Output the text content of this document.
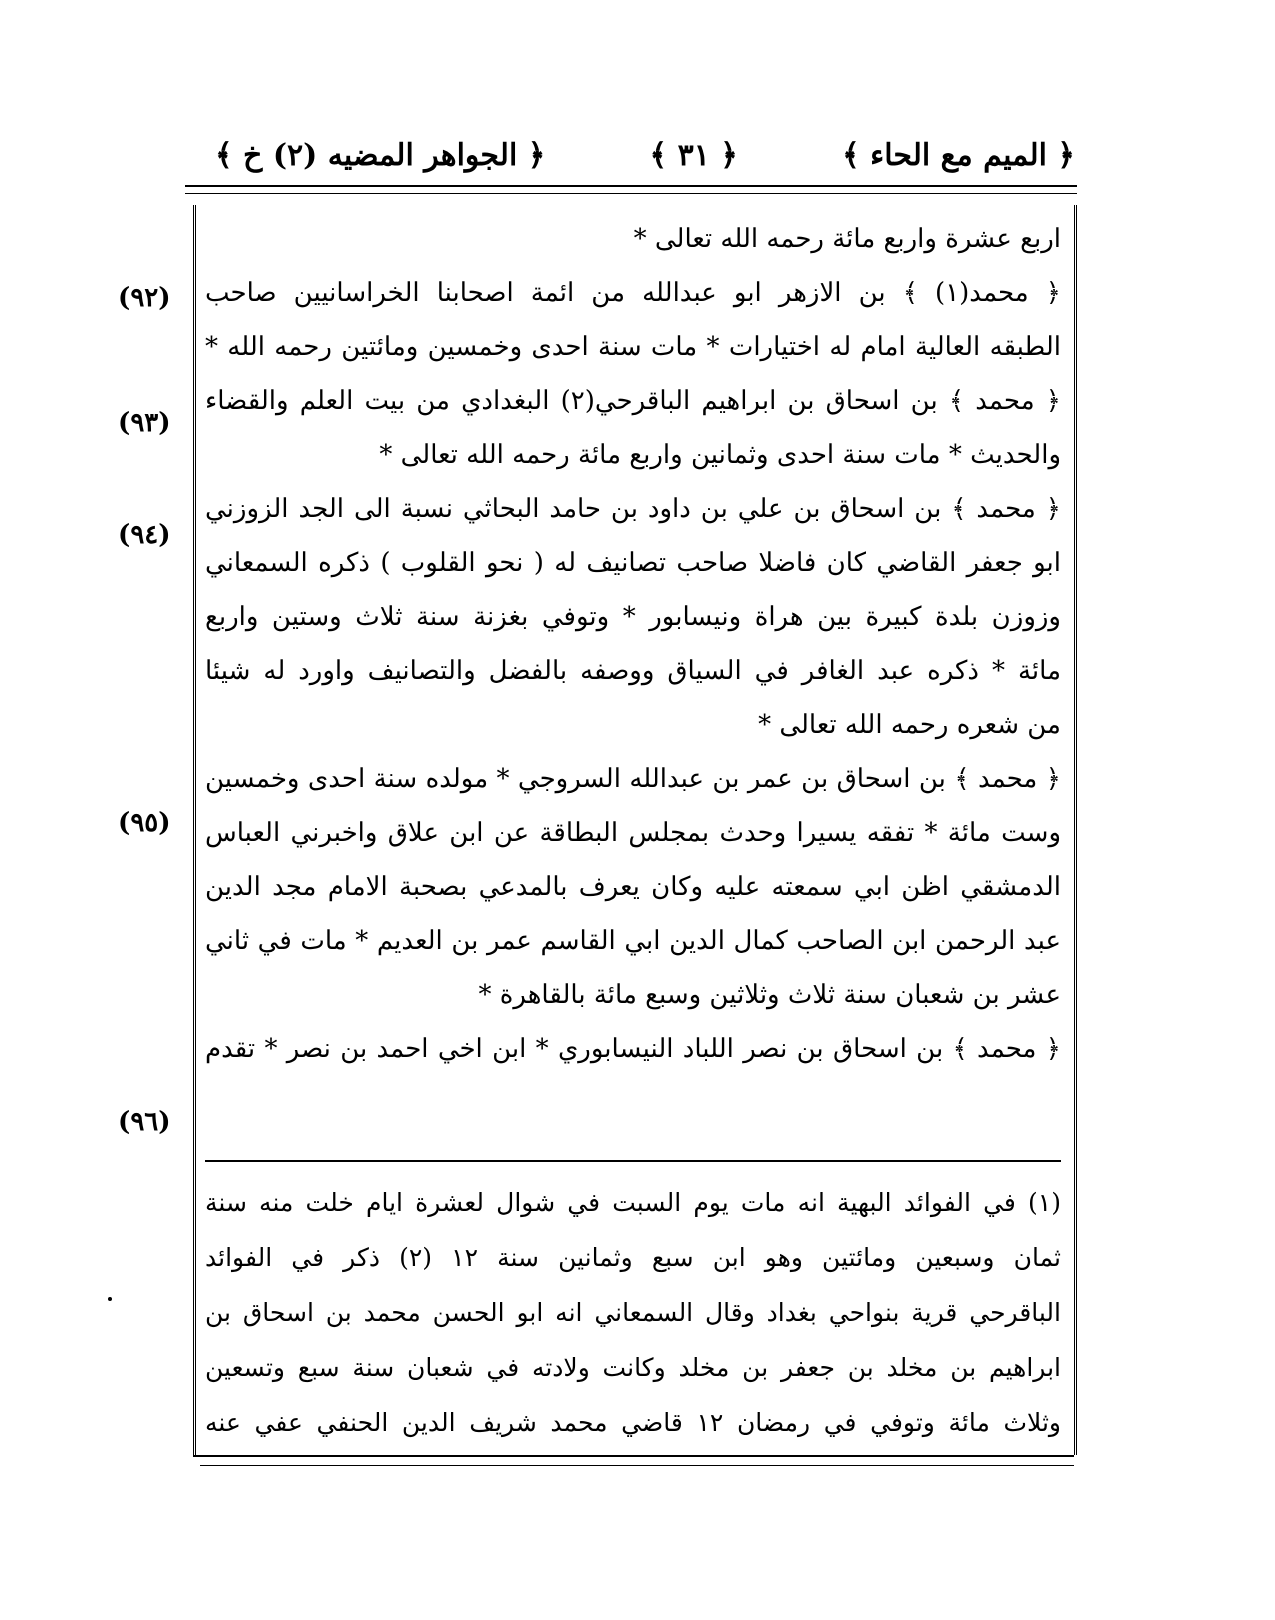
﴿ الميم مع الحاء ﴾
﴿ ٣١ ﴾
﴿ الجواهر المضيه (٢) خ ﴾
اربع عشرة واربع مائة رحمه الله تعالى *
﴿ محمد(١) ﴾ بن الازهر ابو عبدالله من ائمة اصحابنا الخراسانيين صاحب
الطبقه العالية امام له اختيارات * مات سنة احدى وخمسين ومائتين رحمه الله *
﴿ محمد ﴾ بن اسحاق بن ابراهيم الباقرحي(٢) البغدادي من بيت العلم والقضاء
والحديث * مات سنة احدى وثمانين واربع مائة رحمه الله تعالى *
﴿ محمد ﴾ بن اسحاق بن علي بن داود بن حامد البحاثي نسبة الى الجد الزوزني
ابو جعفر القاضي كان فاضلا صاحب تصانيف له ( نحو القلوب ) ذكره السمعاني
وزوزن بلدة كبيرة بين هراة ونيسابور * وتوفي بغزنة سنة ثلاث وستين واربع
مائة * ذكره عبد الغافر في السياق ووصفه بالفضل والتصانيف واورد له شيئا
من شعره رحمه الله تعالى *
﴿ محمد ﴾ بن اسحاق بن عمر بن عبدالله السروجي * مولده سنة احدى وخمسين
وست مائة * تفقه يسيرا وحدث بمجلس البطاقة عن ابن علاق واخبرني العباس
الدمشقي اظن ابي سمعته عليه وكان يعرف بالمدعي بصحبة الامام مجد الدين
عبد الرحمن ابن الصاحب كمال الدين ابي القاسم عمر بن العديم * مات في ثاني
عشر بن شعبان سنة ثلاث وثلاثين وسبع مائة بالقاهرة *
﴿ محمد ﴾ بن اسحاق بن نصر اللباد النيسابوري * ابن اخي احمد بن نصر * تقدم
(٩٢)
(٩٣)
(٩٤)
(٩٥)
(٩٦)
(١) في الفوائد البهية انه مات يوم السبت في شوال لعشرة ايام خلت منه سنة
ثمان وسبعين ومائتين وهو ابن سبع وثمانين سنة ١٢ (٢) ذكر في الفوائد
الباقرحي قرية بنواحي بغداد وقال السمعاني انه ابو الحسن محمد بن اسحاق بن
ابراهيم بن مخلد بن جعفر بن مخلد وكانت ولادته في شعبان سنة سبع وتسعين
وثلاث مائة وتوفي في رمضان ١٢ قاضي محمد شريف الدين الحنفي عفي عنه
